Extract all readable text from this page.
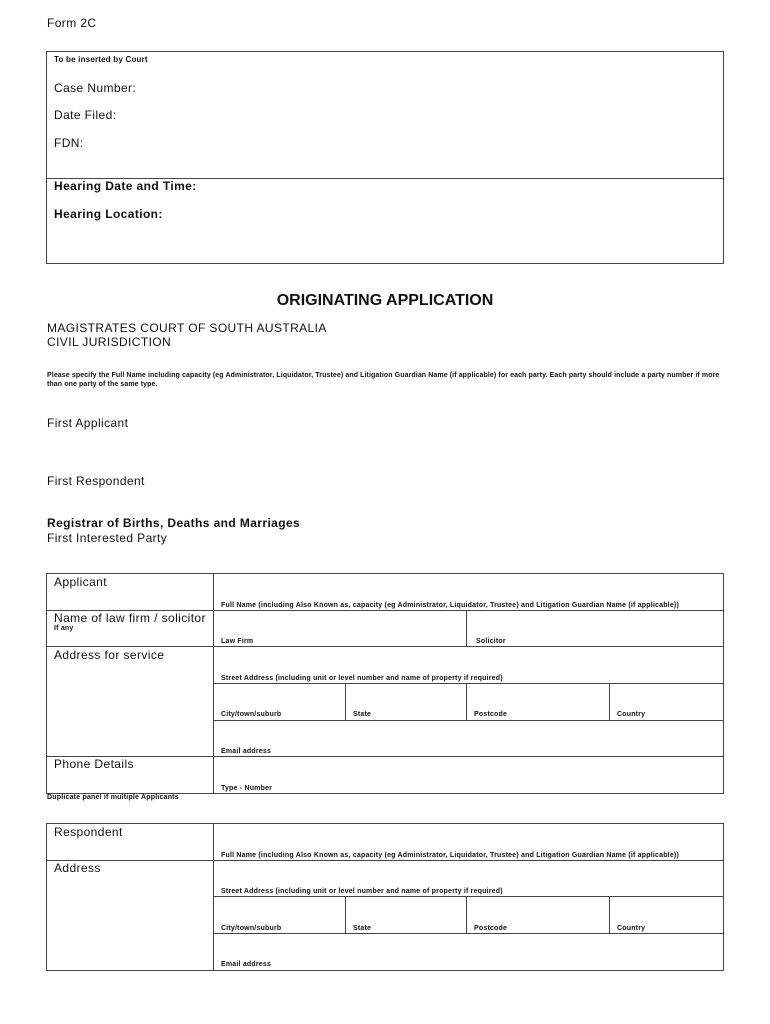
Form 2C
To be inserted by Court
Case Number:
Date Filed:
FDN:
Hearing Date and Time:
Hearing Location:
ORIGINATING APPLICATION
MAGISTRATES COURT OF SOUTH AUSTRALIA
CIVIL JURISDICTION
Please specify the Full Name including capacity (eg Administrator, Liquidator, Trustee) and Litigation Guardian Name (if applicable) for each party. Each party should include a party number if more than one party of the same type.
First Applicant
First Respondent
Registrar of Births, Deaths and Marriages
First Interested Party
Applicant
Full Name (including Also Known as, capacity (eg Administrator, Liquidator, Trustee) and Litigation Guardian Name (if applicable))
Name of law firm / solicitor
If any
Law Firm	Solicitor
Address for service
Street Address (including unit or level number and name of property if required)
City/town/suburb	State	Postcode	Country
Email address
Phone Details
Type - Number
Duplicate panel if multiple Applicants
Respondent
Full Name (including Also Known as, capacity (eg Administrator, Liquidator, Trustee) and Litigation Guardian Name (if applicable))
Address
Street Address (including unit or level number and name of property if required)
City/town/suburb	State	Postcode	Country
Email address
